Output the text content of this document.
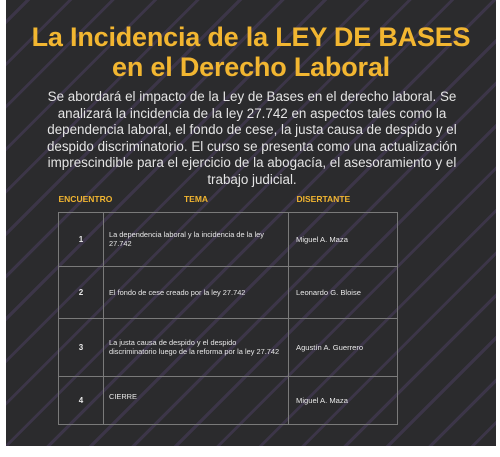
La Incidencia de la LEY DE BASES
en el Derecho Laboral

Se abordará el impacto de la Ley de Bases en el derecho laboral. Se analizará la incidencia de la ley 27.742 en aspectos tales como la dependencia laboral, el fondo de cese, la justa causa de despido y el despido discriminatorio. El curso se presenta como una actualización imprescindible para el ejercicio de la abogacía, el asesoramiento y el trabajo judicial.

ENCUENTRO	TEMA	DISERTANTE
1	La dependencia laboral y la incidencia de la ley 27.742	Miguel A. Maza
2	El fondo de cese creado por la ley 27.742	Leonardo G. Bloise
3	La justa causa de despido y el despido discriminatorio luego de la reforma por la ley 27.742	Agustín A. Guerrero
4	CIERRE	Miguel A. Maza
